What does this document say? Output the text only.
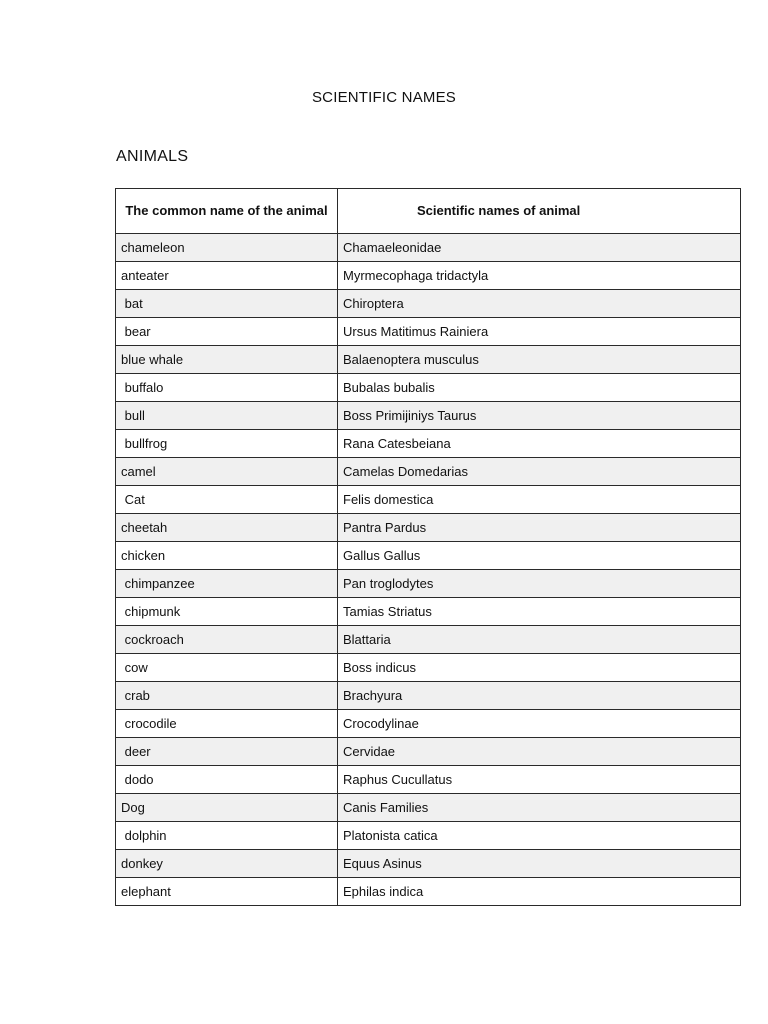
SCIENTIFIC NAMES
ANIMALS
The common name of the animal	Scientific names of animal
chameleon	Chamaeleonidae
anteater	Myrmecophaga tridactyla
bat	Chiroptera
bear	Ursus Matitimus Rainiera
blue whale	Balaenoptera musculus
buffalo	Bubalas bubalis
bull	Boss Primijiniys Taurus
bullfrog	Rana Catesbeiana
camel	Camelas Domedarias
Cat	Felis domestica
cheetah	Pantra Pardus
chicken	Gallus Gallus
chimpanzee	Pan troglodytes
chipmunk	Tamias Striatus
cockroach	Blattaria
cow	Boss indicus
crab	Brachyura
crocodile	Crocodylinae
deer	Cervidae
dodo	Raphus Cucullatus
Dog	Canis Families
dolphin	Platonista catica
donkey	Equus Asinus
elephant	Ephilas indica
